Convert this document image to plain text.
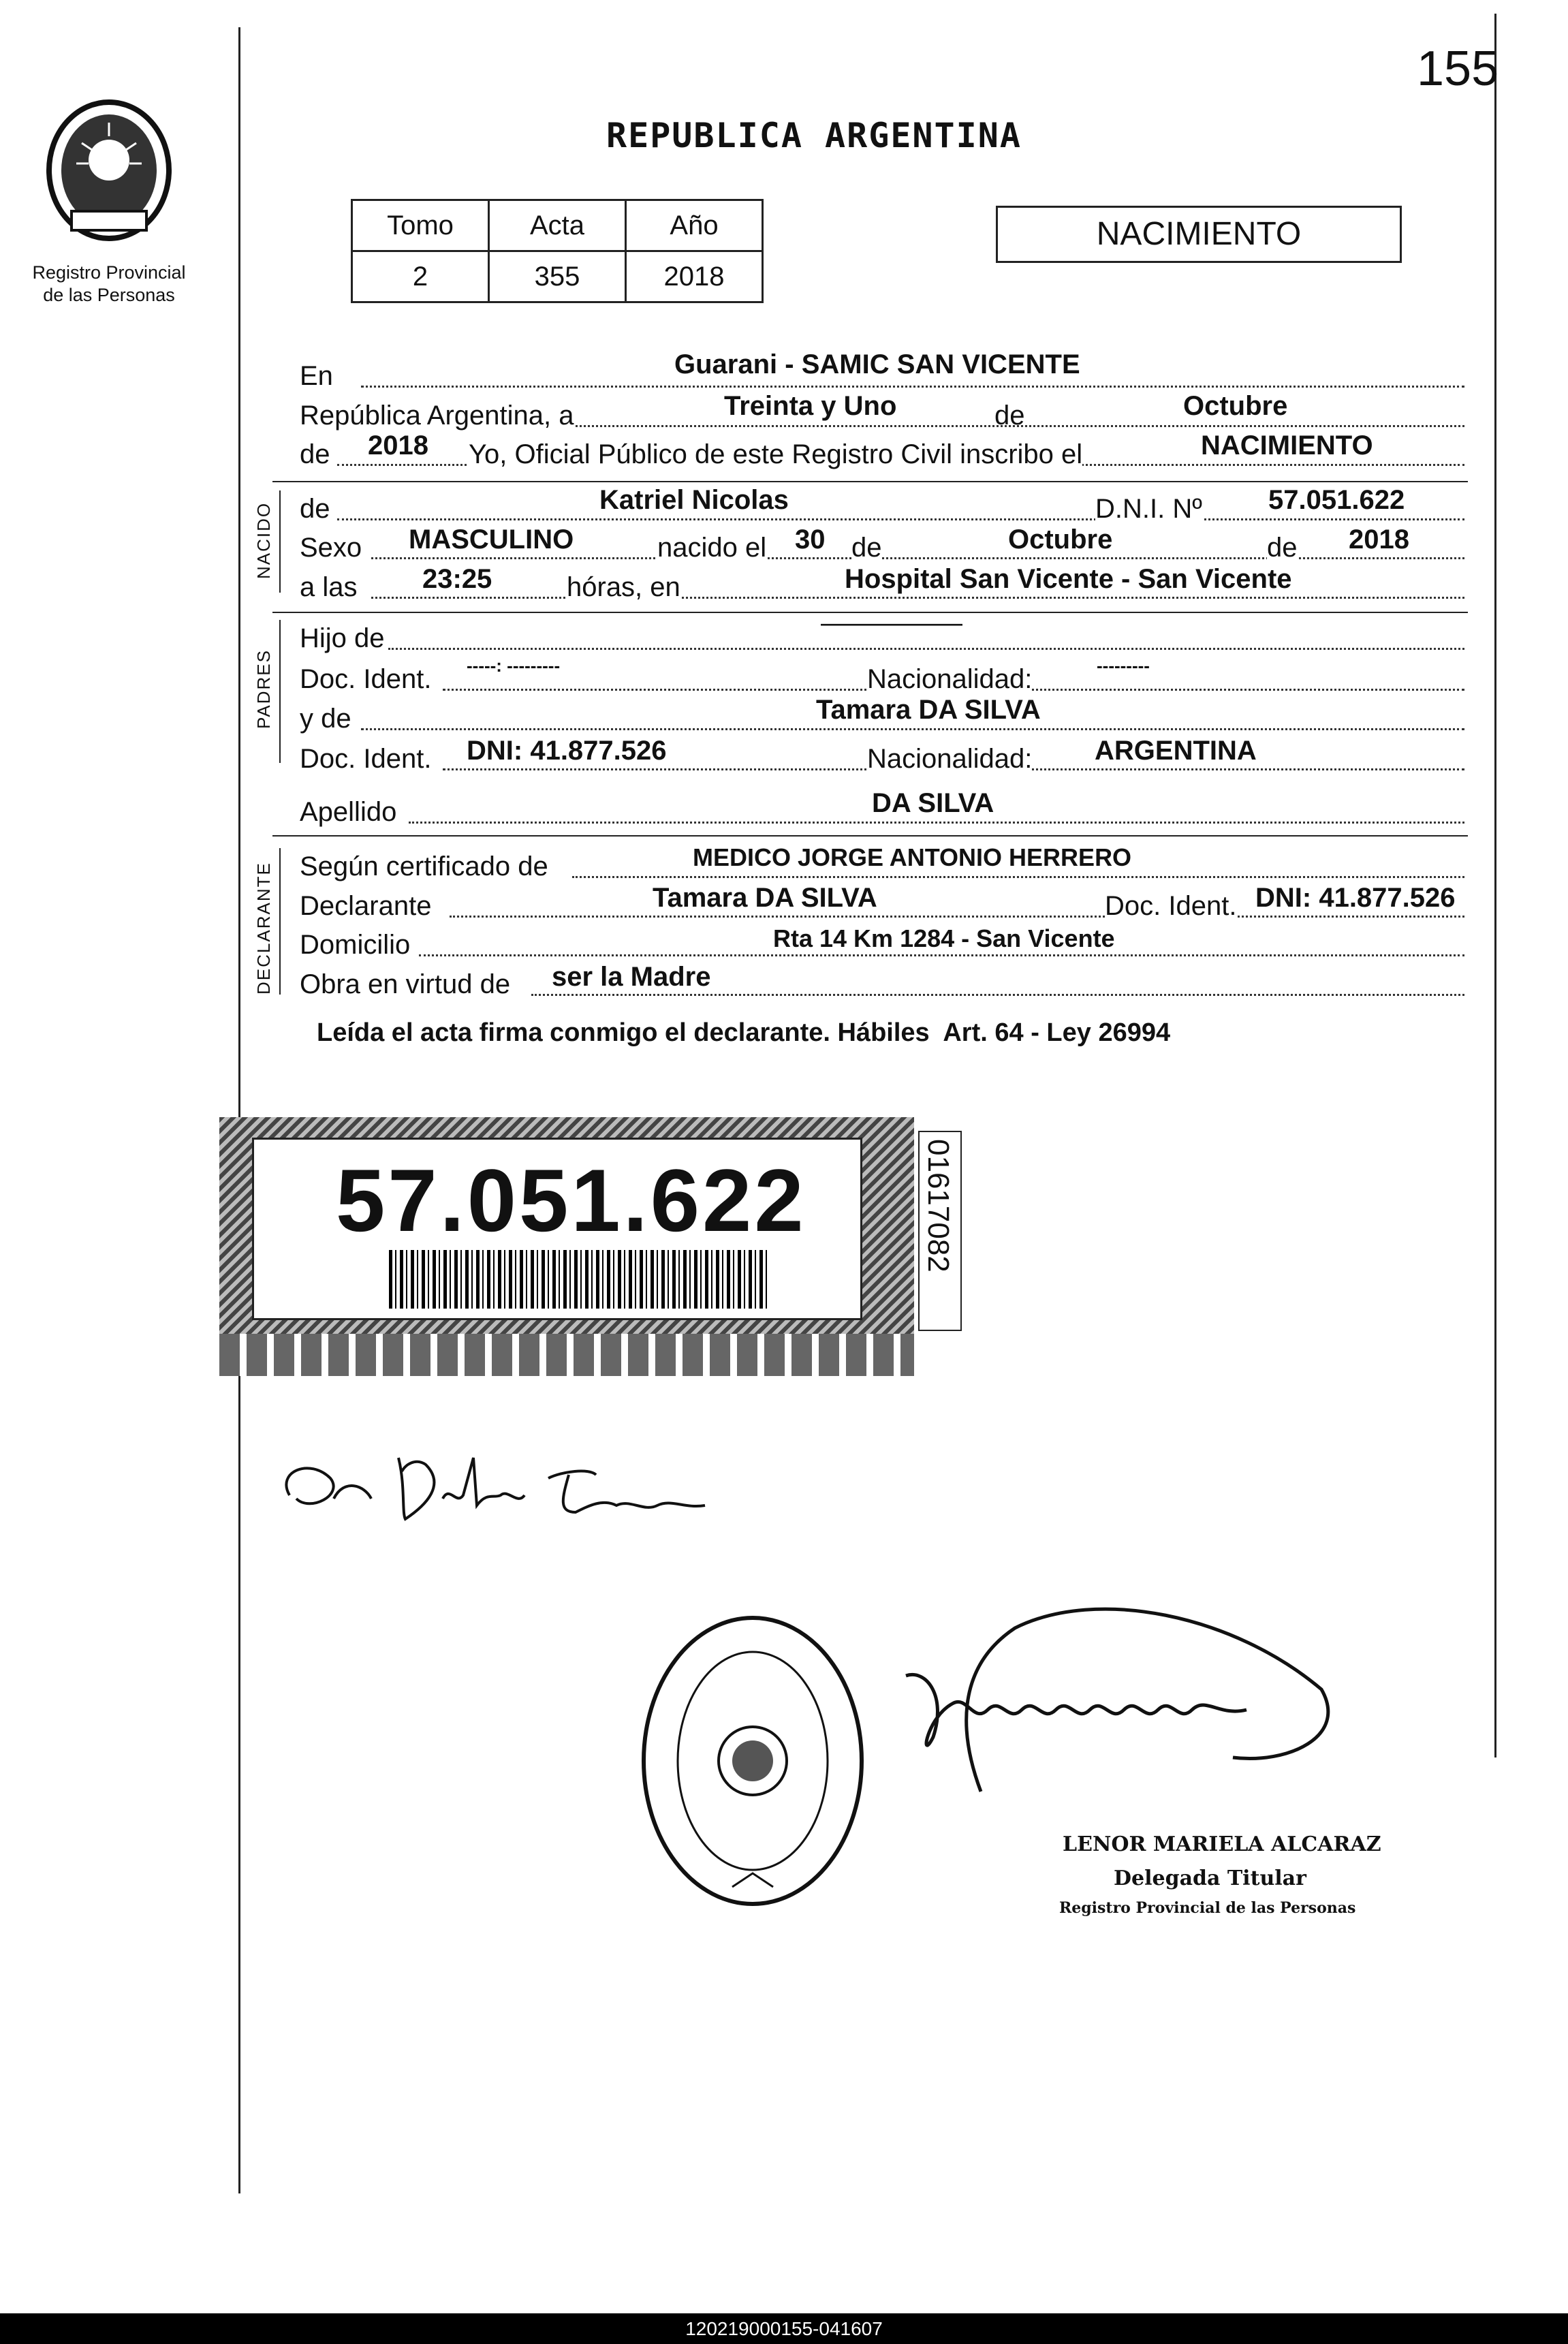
155
Registro Provincial
de las Personas
REPUBLICA ARGENTINA
Tomo	Acta	Año
2	355	2018
NACIMIENTO
En	Guarani - SAMIC SAN VICENTE
República Argentina, a	Treinta y Uno	de	Octubre
de 2018 Yo, Oficial Público de este Registro Civil inscribo el	NACIMIENTO
NACIDO de	Katriel Nicolas	D.N.I. Nº 57.051.622
Sexo MASCULINO	nacido el 30 de	Octubre	de 2018
a las 23:25	hóras, en	Hospital San Vicente - San Vicente
PADRES
Hijo de	————————
Doc. Ident. -----: ---------	Nacionalidad:	---------
y de	Tamara DA SILVA
Doc. Ident. DNI: 41.877.526	Nacionalidad: ARGENTINA
Apellido	DA SILVA
DECLARANTE Según certificado de	MEDICO JORGE ANTONIO HERRERO
Declarante	Tamara DA SILVA	Doc. Ident. DNI: 41.877.526
Domicilio	Rta 14 Km 1284 - San Vicente
Obra en virtud de ser la Madre
Leída el acta firma conmigo el declarante. Hábiles  Art. 64 - Ley 26994
57.051.622	01617082
LENOR MARIELA ALCARAZ
Delegada Titular
Registro Provincial de las Personas
120219000155-041607
